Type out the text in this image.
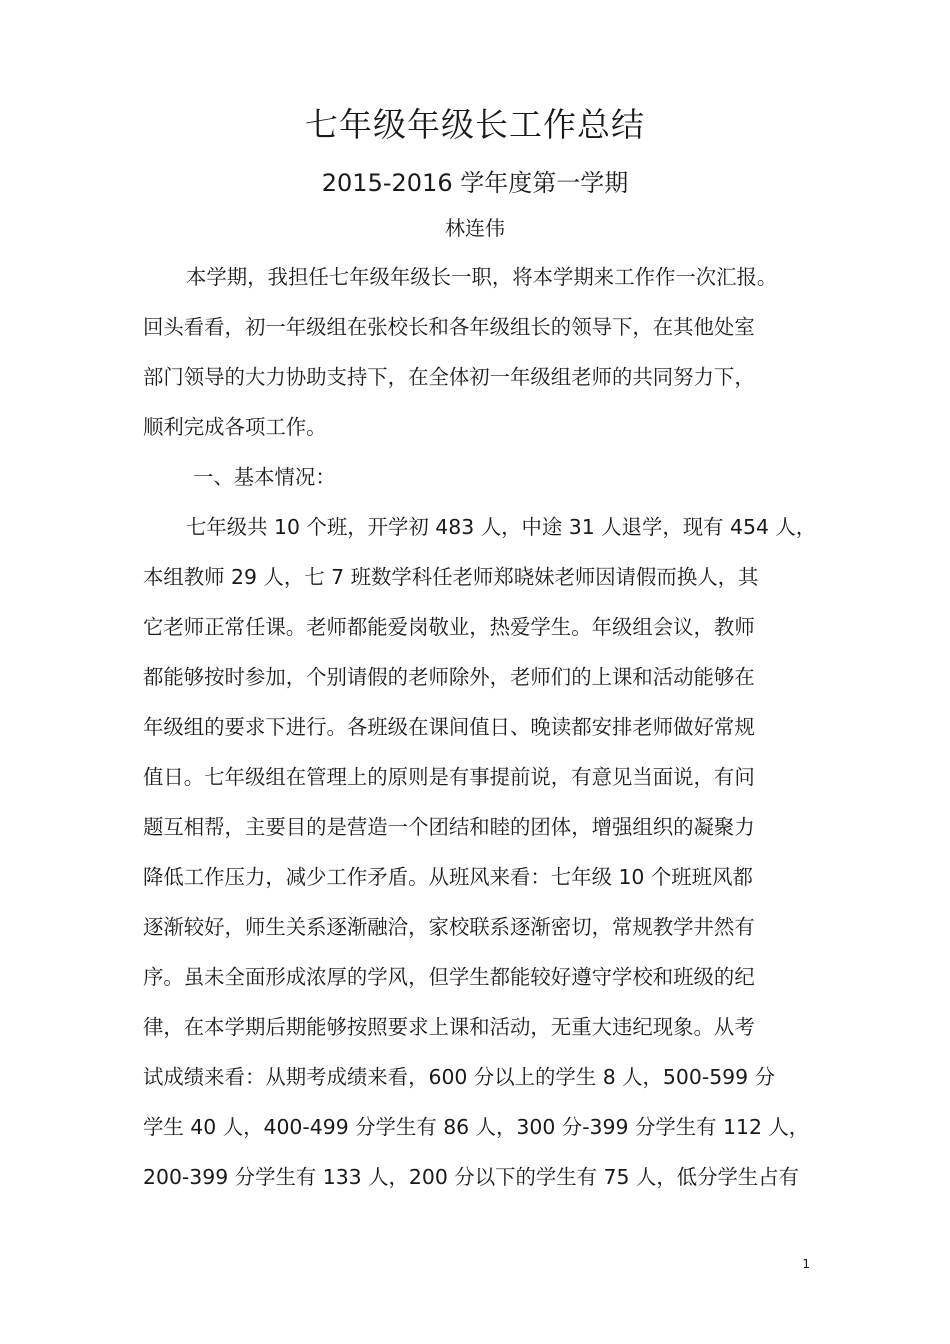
七年级年级长工作总结
2015-2016 学年度第一学期
林连伟
本学期，我担任七年级年级长一职，将本学期来工作作一次汇报。
回头看看，初一年级组在张校长和各年级组长的领导下，在其他处室
部门领导的大力协助支持下，在全体初一年级组老师的共同努力下，
顺利完成各项工作。
一、基本情况：
七年级共 10 个班，开学初 483 人，中途 31 人退学，现有 454 人，
本组教师 29 人，七 7 班数学科任老师郑晓妹老师因请假而换人，其
它老师正常任课。老师都能爱岗敬业，热爱学生。年级组会议，教师
都能够按时参加，个别请假的老师除外，老师们的上课和活动能够在
年级组的要求下进行。各班级在课间值日、晚读都安排老师做好常规
值日。七年级组在管理上的原则是有事提前说，有意见当面说，有问
题互相帮，主要目的是营造一个团结和睦的团体，增强组织的凝聚力
降低工作压力，减少工作矛盾。从班风来看：七年级 10 个班班风都
逐渐较好，师生关系逐渐融洽，家校联系逐渐密切，常规教学井然有
序。虽未全面形成浓厚的学风，但学生都能较好遵守学校和班级的纪
律，在本学期后期能够按照要求上课和活动，无重大违纪现象。从考
试成绩来看：从期考成绩来看，600 分以上的学生 8 人，500-599 分
学生 40 人，400-499 分学生有 86 人，300 分-399 分学生有 112 人，
200-399 分学生有 133 人，200 分以下的学生有 75 人，低分学生占有
1
